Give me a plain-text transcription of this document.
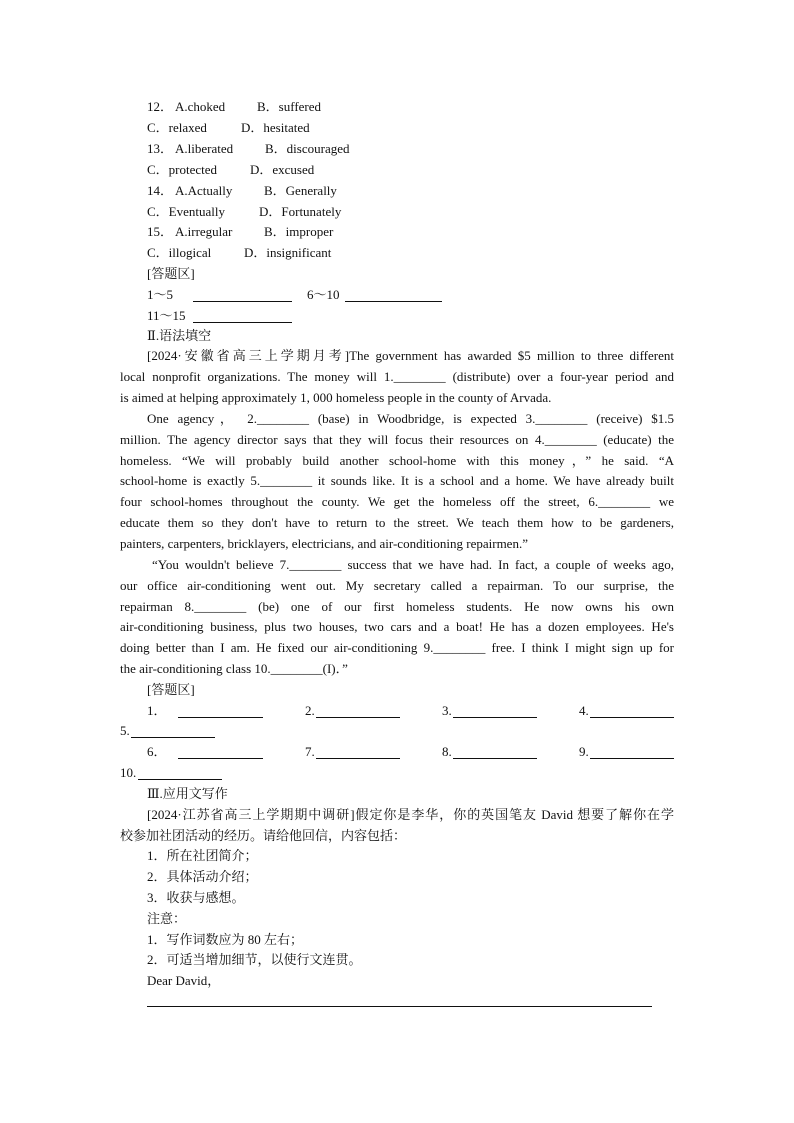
12． A.choked B．suffered
C．relaxed	D．hesitated
13． A.liberated B．discouraged
C．protected	D．excused
14． A.Actually B．Generally
C．Eventually	D．Fortunately
15． A.irregular B．improper
C．illogical	D．insignificant
[答题区]
1～5	6～10
11～15
Ⅱ.语法填空
[2024·安徽省高三上学期月考]The government has awarded $5 million to three different
local nonprofit organizations. The money will 1.________ (distribute) over a four-year period and
is aimed at helping approximately 1, 000 homeless people in the county of Arvada.
One agency， 2.________ (base) in Woodbridge, is expected 3.________ (receive) $1.5
million. The agency director says that they will focus their resources on 4.________ (educate) the
homeless. “We will probably build another school-home with this money，” he said. “A
school-home is exactly 5.________ it sounds like. It is a school and a home. We have already built
four school-homes throughout the county. We get the homeless off the street, 6.________ we
educate them so they don't have to return to the street. We teach them how to be gardeners,
painters, carpenters, bricklayers, electricians, and air-conditioning repairmen.”
“You wouldn't believe 7.________ success that we have had. In fact, a couple of weeks ago,
our office air-conditioning went out. My secretary called a repairman. To our surprise, the
repairman 8.________ (be) one of our first homeless students. He now owns his own
air-conditioning business, plus two houses, two cars and a boat! He has a dozen employees. He's
doing better than I am. He fixed our air-conditioning 9.________ free. I think I might sign up for
the air-conditioning class 10.________(I)．”
[答题区]
1．	2.	3.	4.
5.
6．	7.	8.	9.
10.
Ⅲ.应用文写作
[2024·江苏省高三上学期期中调研]假定你是李华，你的英国笔友 David 想要了解你在学
校参加社团活动的经历。请给他回信，内容包括：
1．所在社团简介；
2．具体活动介绍；
3．收获与感想。
注意：
1．写作词数应为 80 左右；
2．可适当增加细节，以使行文连贯。
Dear David，
